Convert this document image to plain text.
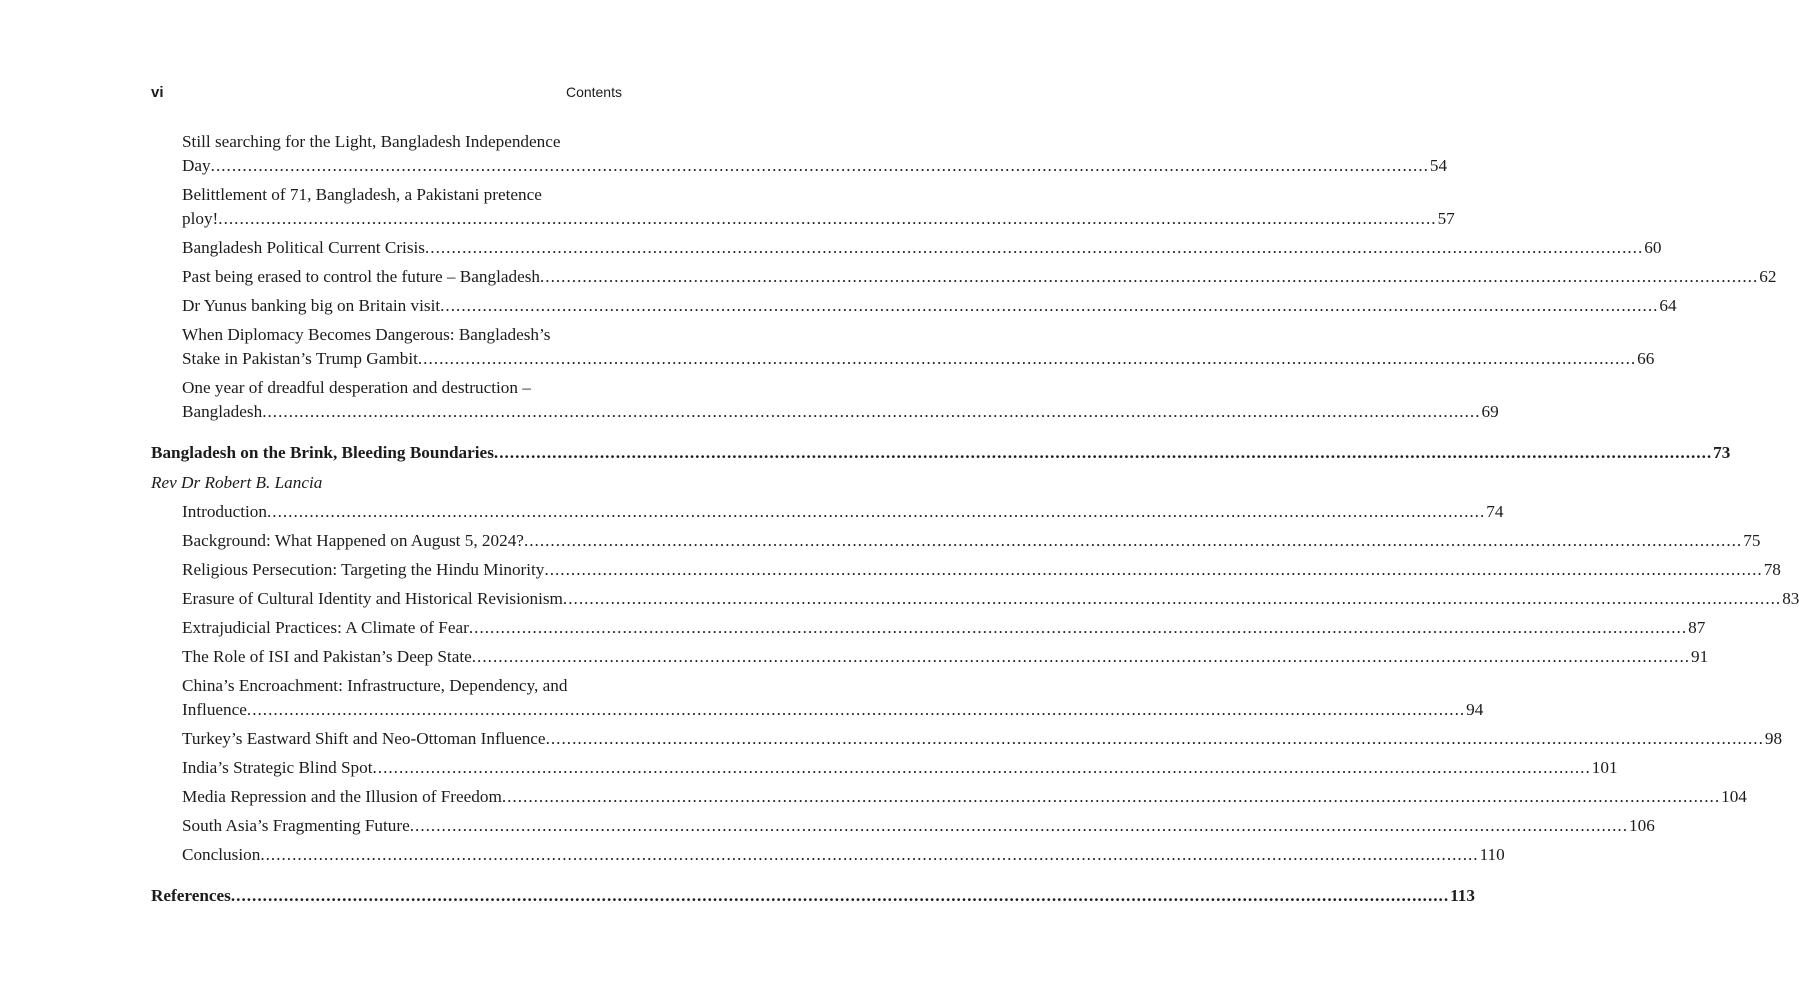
vi	Contents
Still searching for the Light, Bangladesh Independence
Day .....	54
Belittlement of 71, Bangladesh, a Pakistani pretence
ploy! .....	57
Bangladesh Political Current Crisis .....	60
Past being erased to control the future – Bangladesh .....	62
Dr Yunus banking big on Britain visit .....	64
When Diplomacy Becomes Dangerous: Bangladesh’s
Stake in Pakistan’s Trump Gambit .....	66
One year of dreadful desperation and destruction –
Bangladesh .....	69
Bangladesh on the Brink, Bleeding Boundaries .....	73
Rev Dr Robert B. Lancia
Introduction .....	74
Background: What Happened on August 5, 2024? .....	75
Religious Persecution: Targeting the Hindu Minority .....	78
Erasure of Cultural Identity and Historical Revisionism .....	83
Extrajudicial Practices: A Climate of Fear .....	87
The Role of ISI and Pakistan’s Deep State .....	91
China’s Encroachment: Infrastructure, Dependency, and
Influence .....	94
Turkey’s Eastward Shift and Neo-Ottoman Influence .....	98
India’s Strategic Blind Spot .....	101
Media Repression and the Illusion of Freedom .....	104
South Asia’s Fragmenting Future .....	106
Conclusion .....	110
References .....	113
